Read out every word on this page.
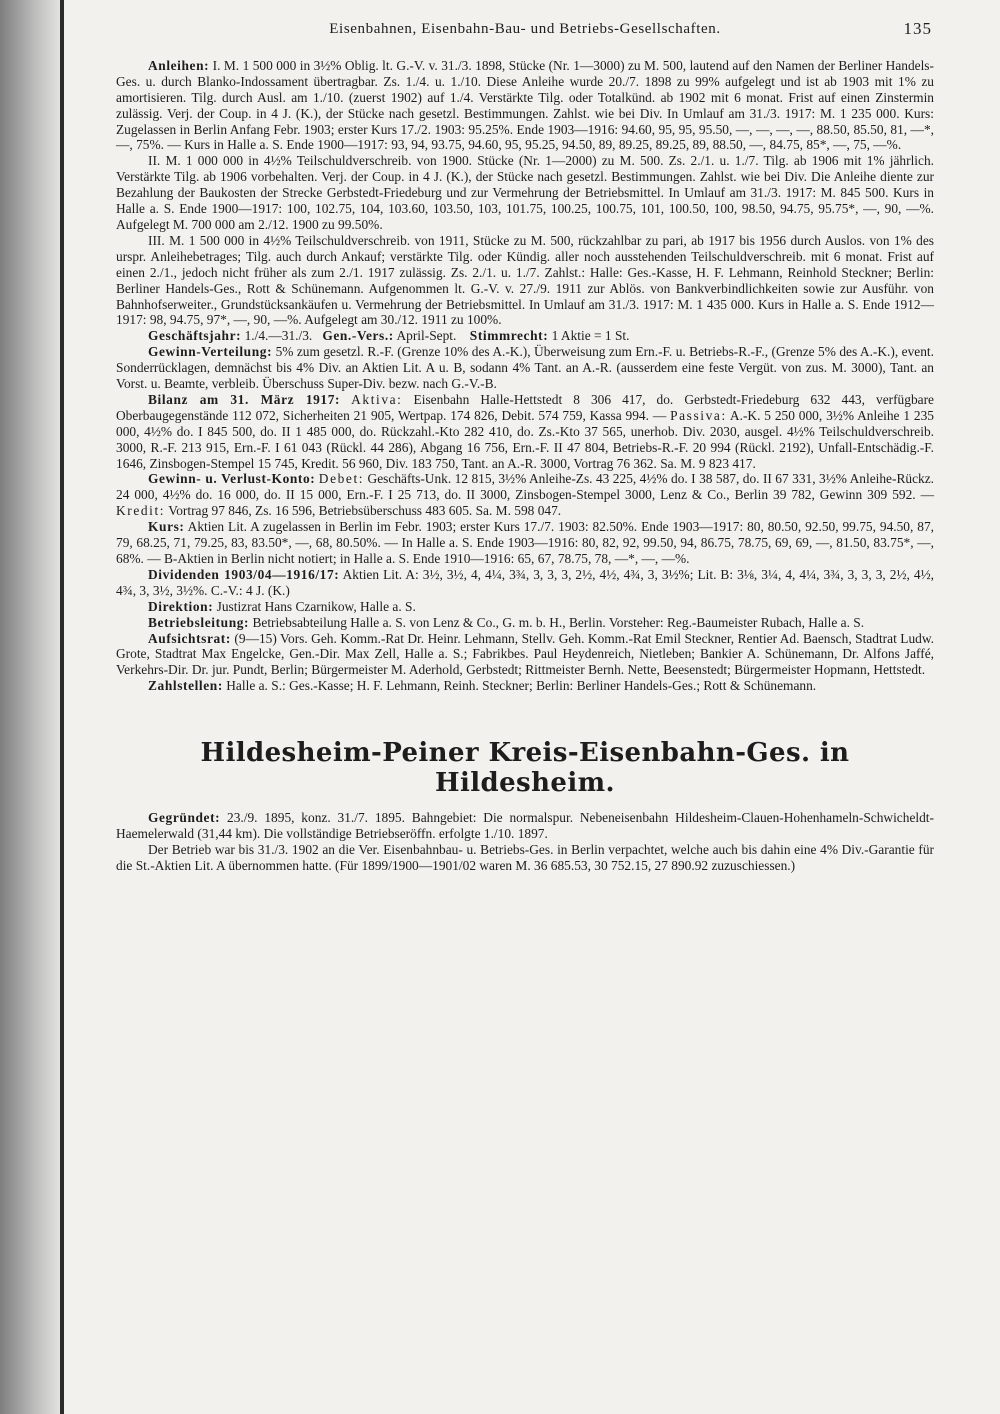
Eisenbahnen, Eisenbahn-Bau- und Betriebs-Gesellschaften.	135

Anleihen: I. M. 1 500 000 in 3½% Oblig. lt. G.-V. v. 31./3. 1898, Stücke (Nr. 1—3000) zu M. 500, lautend auf den Namen der Berliner Handels-Ges. u. durch Blanko-Indossament übertragbar. Zs. 1./4. u. 1./10. Diese Anleihe wurde 20./7. 1898 zu 99% aufgelegt und ist ab 1903 mit 1% zu amortisieren. Tilg. durch Ausl. am 1./10. (zuerst 1902) auf 1./4. Verstärkte Tilg. oder Totalkünd. ab 1902 mit 6 monat. Frist auf einen Zinstermin zulässig. Verj. der Coup. in 4 J. (K.), der Stücke nach gesetzl. Bestimmungen. Zahlst. wie bei Div. In Umlauf am 31./3. 1917: M. 1 235 000. Kurs: Zugelassen in Berlin Anfang Febr. 1903; erster Kurs 17./2. 1903: 95.25%. Ende 1903—1916: 94.60, 95, 95, 95.50, —, —, —, —, 88.50, 85.50, 81, —*, —, 75%. — Kurs in Halle a. S. Ende 1900—1917: 93, 94, 93.75, 94.60, 95, 95.25, 94.50, 89, 89.25, 89.25, 89, 88.50, —, 84.75, 85*, —, 75, —%.

II. M. 1 000 000 in 4½% Teilschuldverschreib. von 1900. Stücke (Nr. 1—2000) zu M. 500. Zs. 2./1. u. 1./7. Tilg. ab 1906 mit 1% jährlich. Verstärkte Tilg. ab 1906 vorbehalten. Verj. der Coup. in 4 J. (K.), der Stücke nach gesetzl. Bestimmungen. Zahlst. wie bei Div. Die Anleihe diente zur Bezahlung der Baukosten der Strecke Gerbstedt-Friedeburg und zur Vermehrung der Betriebsmittel. In Umlauf am 31./3. 1917: M. 845 500. Kurs in Halle a. S. Ende 1900—1917: 100, 102.75, 104, 103.60, 103.50, 103, 101.75, 100.25, 100.75, 101, 100.50, 100, 98.50, 94.75, 95.75*, —, 90, —%. Aufgelegt M. 700 000 am 2./12. 1900 zu 99.50%.

III. M. 1 500 000 in 4½% Teilschuldverschreib. von 1911, Stücke zu M. 500, rückzahlbar zu pari, ab 1917 bis 1956 durch Auslos. von 1% des urspr. Anleihebetrages; Tilg. auch durch Ankauf; verstärkte Tilg. oder Kündig. aller noch ausstehenden Teilschuldverschreib. mit 6 monat. Frist auf einen 2./1., jedoch nicht früher als zum 2./1. 1917 zulässig. Zs. 2./1. u. 1./7. Zahlst.: Halle: Ges.-Kasse, H. F. Lehmann, Reinhold Steckner; Berlin: Berliner Handels-Ges., Rott & Schünemann. Aufgenommen lt. G.-V. v. 27./9. 1911 zur Ablös. von Bankverbindlichkeiten sowie zur Ausführ. von Bahnhofserweiter., Grundstücksankäufen u. Vermehrung der Betriebsmittel. In Umlauf am 31./3. 1917: M. 1 435 000. Kurs in Halle a. S. Ende 1912—1917: 98, 94.75, 97*, —, 90, —%. Aufgelegt am 30./12. 1911 zu 100%.

Geschäftsjahr: 1./4.—31./3. Gen.-Vers.: April-Sept. Stimmrecht: 1 Aktie = 1 St.

Gewinn-Verteilung: 5% zum gesetzl. R.-F. (Grenze 10% des A.-K.), Überweisung zum Ern.-F. u. Betriebs-R.-F., (Grenze 5% des A.-K.), event. Sonderrücklagen, demnächst bis 4% Div. an Aktien Lit. A u. B, sodann 4% Tant. an A.-R. (ausserdem eine feste Vergüt. von zus. M. 3000), Tant. an Vorst. u. Beamte, verbleib. Überschuss Super-Div. bezw. nach G.-V.-B.

Bilanz am 31. März 1917: Aktiva: Eisenbahn Halle-Hettstedt 8 306 417, do. Gerbstedt-Friedeburg 632 443, verfügbare Oberbaugegenstände 112 072, Sicherheiten 21 905, Wertpap. 174 826, Debit. 574 759, Kassa 994. — Passiva: A.-K. 5 250 000, 3½% Anleihe 1 235 000, 4½% do. I 845 500, do. II 1 485 000, do. Rückzahl.-Kto 282 410, do. Zs.-Kto 37 565, unerhob. Div. 2030, ausgel. 4½% Teilschuldverschreib. 3000, R.-F. 213 915, Ern.-F. I 61 043 (Rückl. 44 286), Abgang 16 756, Ern.-F. II 47 804, Betriebs-R.-F. 20 994 (Rückl. 2192), Unfall-Entschädig.-F. 1646, Zinsbogen-Stempel 15 745, Kredit. 56 960, Div. 183 750, Tant. an A.-R. 3000, Vortrag 76 362. Sa. M. 9 823 417.

Gewinn- u. Verlust-Konto: Debet: Geschäfts-Unk. 12 815, 3½% Anleihe-Zs. 43 225, 4½% do. I 38 587, do. II 67 331, 3½% Anleihe-Rückz. 24 000, 4½% do. 16 000, do. II 15 000, Ern.-F. I 25 713, do. II 3000, Zinsbogen-Stempel 3000, Lenz & Co., Berlin 39 782, Gewinn 309 592. — Kredit: Vortrag 97 846, Zs. 16 596, Betriebsüberschuss 483 605. Sa. M. 598 047.

Kurs: Aktien Lit. A zugelassen in Berlin im Febr. 1903; erster Kurs 17./7. 1903: 82.50%. Ende 1903—1917: 80, 80.50, 92.50, 99.75, 94.50, 87, 79, 68.25, 71, 79.25, 83, 83.50*, —, 68, 80.50%. — In Halle a. S. Ende 1903—1916: 80, 82, 92, 99.50, 94, 86.75, 78.75, 69, 69, —, 81.50, 83.75*, —, 68%. — B-Aktien in Berlin nicht notiert; in Halle a. S. Ende 1910—1916: 65, 67, 78.75, 78, —*, —, —%.

Dividenden 1903/04—1916/17: Aktien Lit. A: 3½, 3½, 4, 4¼, 3¾, 3, 3, 3, 2½, 4½, 4¾, 3, 3½%; Lit. B: 3⅛, 3¼, 4, 4¼, 3¾, 3, 3, 3, 2½, 4½, 4¾, 3, 3½, 3½%. C.-V.: 4 J. (K.)

Direktion: Justizrat Hans Czarnikow, Halle a. S.

Betriebsleitung: Betriebsabteilung Halle a. S. von Lenz & Co., G. m. b. H., Berlin. Vorsteher: Reg.-Baumeister Rubach, Halle a. S.

Aufsichtsrat: (9—15) Vors. Geh. Komm.-Rat Dr. Heinr. Lehmann, Stellv. Geh. Komm.-Rat Emil Steckner, Rentier Ad. Baensch, Stadtrat Ludw. Grote, Stadtrat Max Engelcke, Gen.-Dir. Max Zell, Halle a. S.; Fabrikbes. Paul Heydenreich, Nietleben; Bankier A. Schünemann, Dr. Alfons Jaffé, Verkehrs-Dir. Dr. jur. Pundt, Berlin; Bürgermeister M. Aderhold, Gerbstedt; Rittmeister Bernh. Nette, Beesenstedt; Bürgermeister Hopmann, Hettstedt.

Zahlstellen: Halle a. S.: Ges.-Kasse; H. F. Lehmann, Reinh. Steckner; Berlin: Berliner Handels-Ges.; Rott & Schünemann.

Hildesheim-Peiner Kreis-Eisenbahn-Ges. in Hildesheim.

Gegründet: 23./9. 1895, konz. 31./7. 1895. Bahngebiet: Die normalspur. Nebeneisenbahn Hildesheim-Clauen-Hohenhameln-Schwicheldt-Haemelerwald (31,44 km). Die vollständige Betriebseröffn. erfolgte 1./10. 1897.

Der Betrieb war bis 31./3. 1902 an die Ver. Eisenbahnbau- u. Betriebs-Ges. in Berlin verpachtet, welche auch bis dahin eine 4% Div.-Garantie für die St.-Aktien Lit. A übernommen hatte. (Für 1899/1900—1901/02 waren M. 36 685.53, 30 752.15, 27 890.92 zuzuschiessen.)
